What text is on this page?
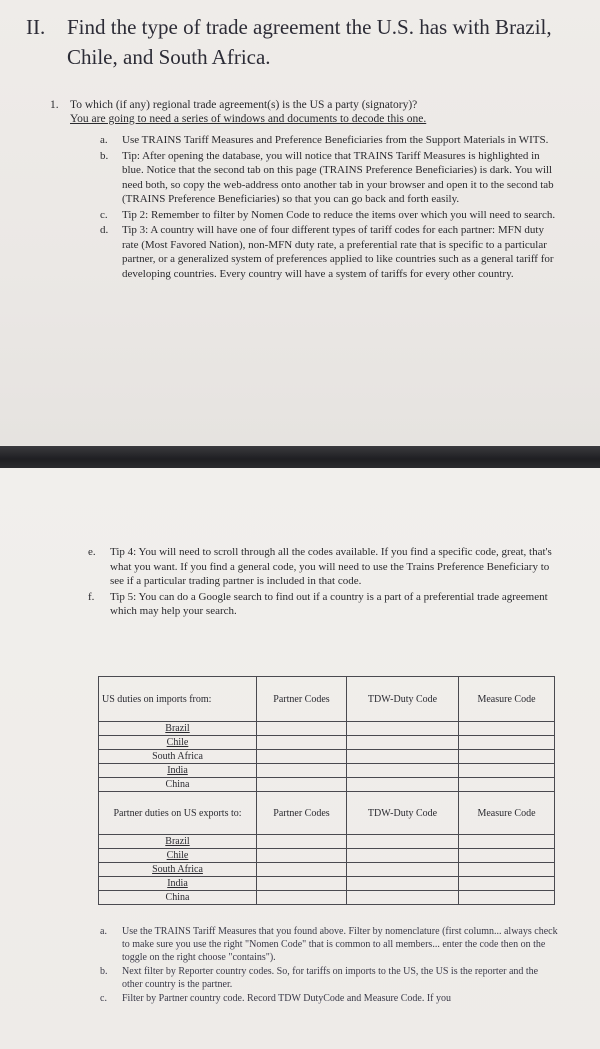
II. Find the type of trade agreement the U.S. has with Brazil, Chile, and South Africa.
1. To which (if any) regional trade agreement(s) is the US a party (signatory)?
You are going to need a series of windows and documents to decode this one.
a. Use TRAINS Tariff Measures and Preference Beneficiaries from the Support Materials in WITS.
b. Tip: After opening the database, you will notice that TRAINS Tariff Measures is highlighted in blue. Notice that the second tab on this page (TRAINS Preference Beneficiaries) is dark. You will need both, so copy the web-address onto another tab in your browser and open it to the second tab (TRAINS Preference Beneficiaries) so that you can go back and forth easily.
c. Tip 2: Remember to filter by Nomen Code to reduce the items over which you will need to search.
d. Tip 3: A country will have one of four different types of tariff codes for each partner: MFN duty rate (Most Favored Nation), non-MFN duty rate, a preferential rate that is specific to a particular partner, or a generalized system of preferences applied to like countries such as a general tariff for developing countries. Every country will have a system of tariffs for every other country.
e. Tip 4: You will need to scroll through all the codes available. If you find a specific code, great, that's what you want. If you find a general code, you will need to use the Trains Preference Beneficiary to see if a particular trading partner is included in that code.
f. Tip 5: You can do a Google search to find out if a country is a part of a preferential trade agreement which may help your search.
US duties on imports from:	Partner Codes	TDW-Duty Code	Measure Code
Brazil			
Chile			
South Africa			
India			
China			
Partner duties on US exports to:	Partner Codes	TDW-Duty Code	Measure Code
Brazil			
Chile			
South Africa			
India			
China			
a. Use the TRAINS Tariff Measures that you found above. Filter by nomenclature (first column... always check to make sure you use the right "Nomen Code" that is common to all members... enter the code then on the toggle on the right choose "contains").
b. Next filter by Reporter country codes. So, for tariffs on imports to the US, the US is the reporter and the other country is the partner.
c. Filter by Partner country code. Record TDW DutyCode and Measure Code. If you
